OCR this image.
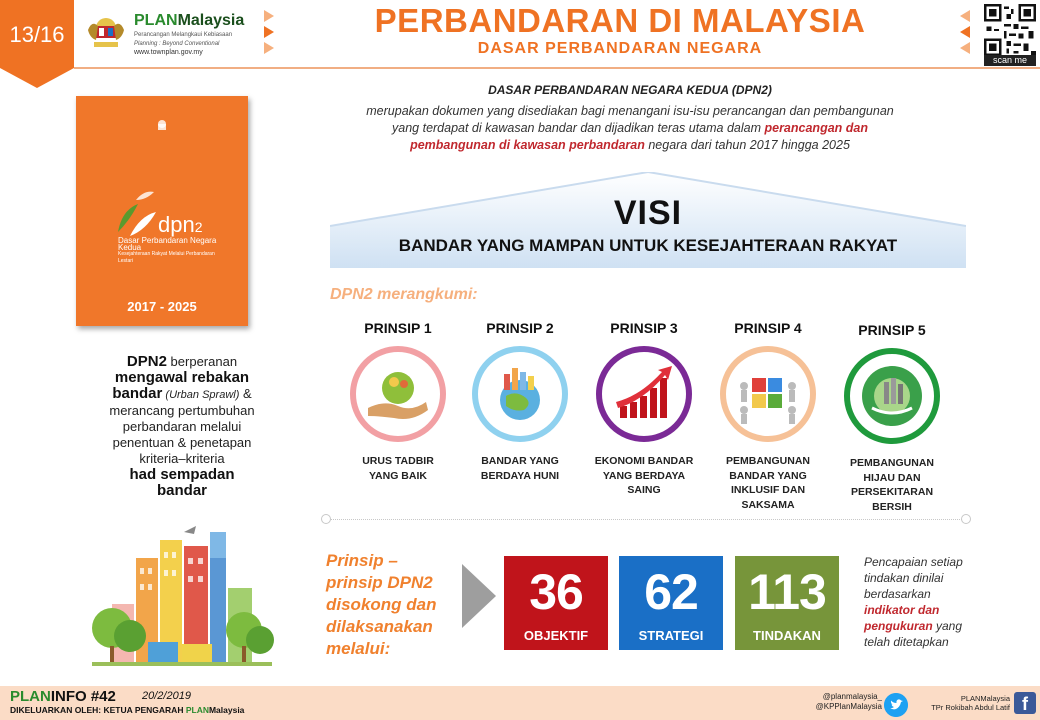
13/16
PLANMalaysia
Perancangan Melangkaui Kebiasaan
Planning : Beyond Conventional
www.townplan.gov.my
PERBANDARAN DI MALAYSIA
DASAR PERBANDARAN NEGARA
scan me
Dasar Perbandaran Negara Kedua
Kesejahteraan Rakyat Melalui Perbandaran Lestari
dpn2
2017 - 2025
DPN2 berperanan
mengawal rebakan
bandar (Urban Sprawl) &
merancang pertumbuhan
perbandaran melalui
penentuan & penetapan
kriteria–kriteria
had sempadan
bandar
DASAR PERBANDARAN NEGARA KEDUA (DPN2)
merupakan dokumen yang disediakan bagi menangani isu-isu perancangan dan pembangunan
yang terdapat di kawasan bandar dan dijadikan teras utama dalam perancangan dan
pembangunan di kawasan perbandaran negara dari tahun 2017 hingga 2025
VISI
BANDAR YANG MAMPAN UNTUK KESEJAHTERAAN RAKYAT
DPN2 merangkumi:
PRINSIP 1
URUS TADBIR
YANG BAIK
PRINSIP 2
BANDAR YANG
BERDAYA HUNI
PRINSIP 3
EKONOMI BANDAR
YANG BERDAYA
SAING
PRINSIP 4
PEMBANGUNAN
BANDAR YANG
INKLUSIF DAN
SAKSAMA
PRINSIP 5
PEMBANGUNAN
HIJAU DAN
PERSEKITARAN
BERSIH
Prinsip –
prinsip DPN2
disokong dan
dilaksanakan
melalui:
36
OBJEKTIF
62
STRATEGI
113
TINDAKAN
Pencapaian setiap
tindakan dinilai
berdasarkan
indikator dan
pengukuran yang
telah ditetapkan
PLANINFO #42 20/2/2019
DIKELUARKAN OLEH: KETUA PENGARAH PLANMalaysia
@planmalaysia_
@KPPlanMalaysia
PLANMalaysia
TPr Rokibah Abdul Latif f
